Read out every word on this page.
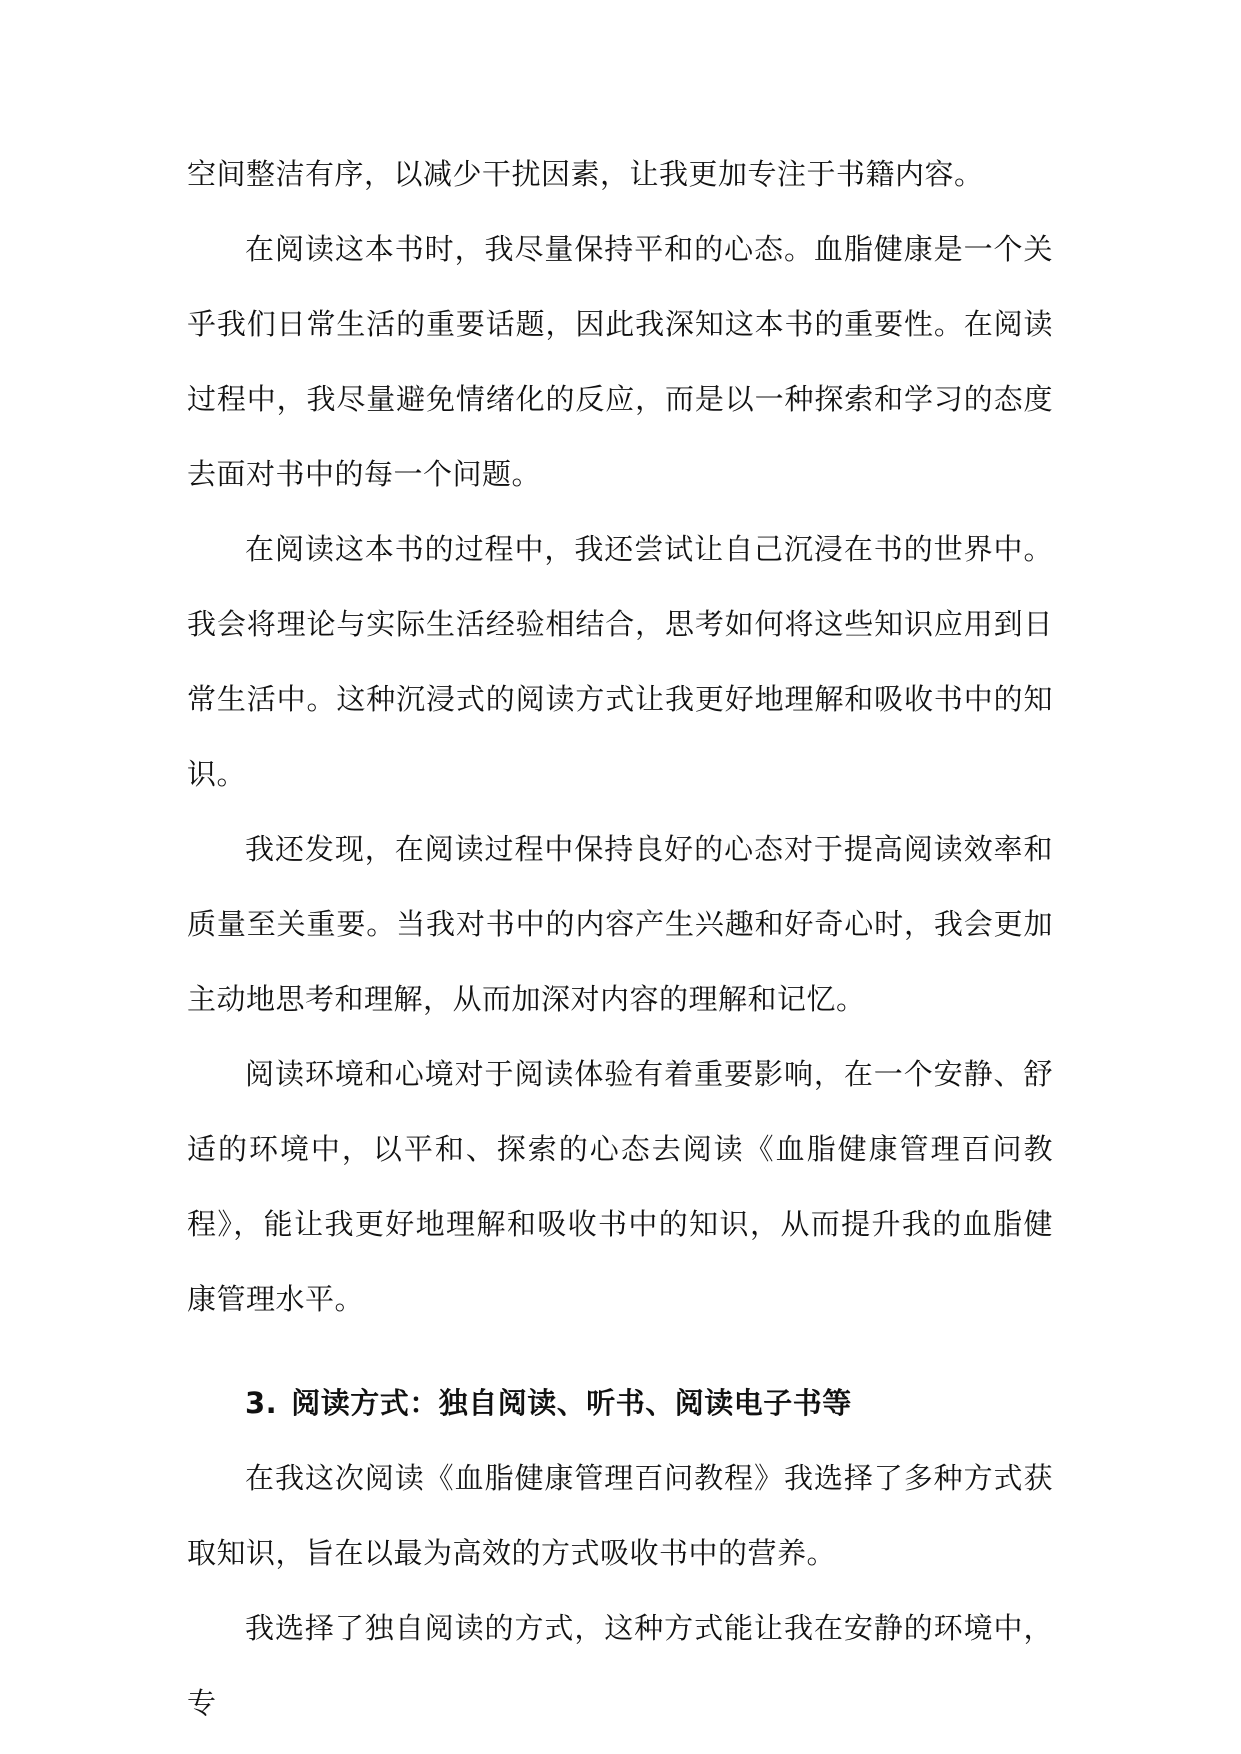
空间整洁有序，以减少干扰因素，让我更加专注于书籍内容。

在阅读这本书时，我尽量保持平和的心态。血脂健康是一个关乎我们日常生活的重要话题，因此我深知这本书的重要性。在阅读过程中，我尽量避免情绪化的反应，而是以一种探索和学习的态度去面对书中的每一个问题。

在阅读这本书的过程中，我还尝试让自己沉浸在书的世界中。我会将理论与实际生活经验相结合，思考如何将这些知识应用到日常生活中。这种沉浸式的阅读方式让我更好地理解和吸收书中的知识。

我还发现，在阅读过程中保持良好的心态对于提高阅读效率和质量至关重要。当我对书中的内容产生兴趣和好奇心时，我会更加主动地思考和理解，从而加深对内容的理解和记忆。

阅读环境和心境对于阅读体验有着重要影响，在一个安静、舒适的环境中，以平和、探索的心态去阅读《血脂健康管理百问教程》，能让我更好地理解和吸收书中的知识，从而提升我的血脂健康管理水平。

3. 阅读方式：独自阅读、听书、阅读电子书等

在我这次阅读《血脂健康管理百问教程》我选择了多种方式获取知识，旨在以最为高效的方式吸收书中的营养。

我选择了独自阅读的方式，这种方式能让我在安静的环境中，专
